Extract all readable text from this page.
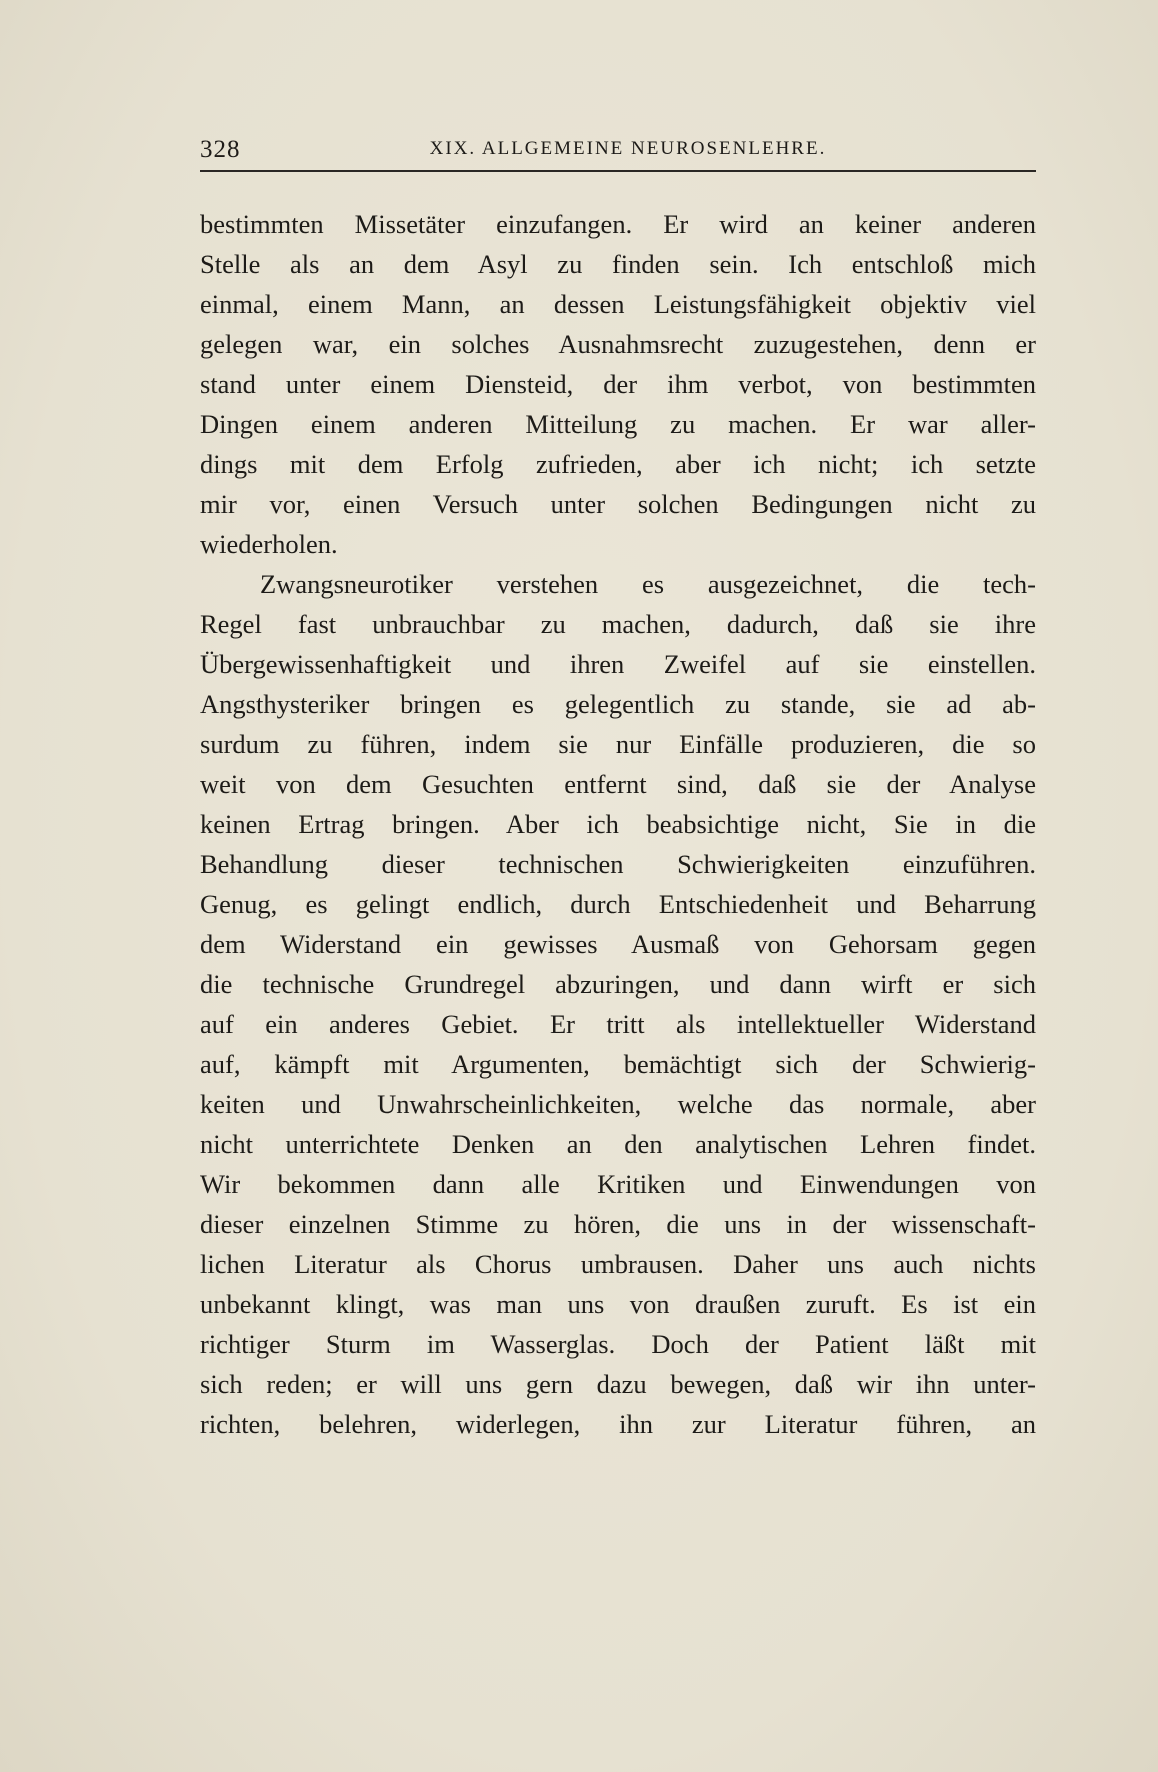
328	XIX. ALLGEMEINE NEUROSENLEHRE.
bestimmten Missetäter einzufangen. Er wird an keiner anderen
Stelle als an dem Asyl zu finden sein. Ich entschloß mich
einmal, einem Mann, an dessen Leistungsfähigkeit objektiv viel
gelegen war, ein solches Ausnahmsrecht zuzugestehen, denn er
stand unter einem Diensteid, der ihm verbot, von bestimmten
Dingen einem anderen Mitteilung zu machen. Er war aller-
dings mit dem Erfolg zufrieden, aber ich nicht; ich setzte
mir vor, einen Versuch unter solchen Bedingungen nicht zu
wiederholen.
Zwangsneurotiker verstehen es ausgezeichnet, die tech-
Regel fast unbrauchbar zu machen, dadurch, daß sie ihre
Übergewissenhaftigkeit und ihren Zweifel auf sie einstellen.
Angsthysteriker bringen es gelegentlich zu stande, sie ad ab-
surdum zu führen, indem sie nur Einfälle produzieren, die so
weit von dem Gesuchten entfernt sind, daß sie der Analyse
keinen Ertrag bringen. Aber ich beabsichtige nicht, Sie in die
Behandlung dieser technischen Schwierigkeiten einzuführen.
Genug, es gelingt endlich, durch Entschiedenheit und Beharrung
dem Widerstand ein gewisses Ausmaß von Gehorsam gegen
die technische Grundregel abzuringen, und dann wirft er sich
auf ein anderes Gebiet. Er tritt als intellektueller Widerstand
auf, kämpft mit Argumenten, bemächtigt sich der Schwierig-
keiten und Unwahrscheinlichkeiten, welche das normale, aber
nicht unterrichtete Denken an den analytischen Lehren findet.
Wir bekommen dann alle Kritiken und Einwendungen von
dieser einzelnen Stimme zu hören, die uns in der wissenschaft-
lichen Literatur als Chorus umbrausen. Daher uns auch nichts
unbekannt klingt, was man uns von draußen zuruft. Es ist ein
richtiger Sturm im Wasserglas. Doch der Patient läßt mit
sich reden; er will uns gern dazu bewegen, daß wir ihn unter-
richten, belehren, widerlegen, ihn zur Literatur führen, an
